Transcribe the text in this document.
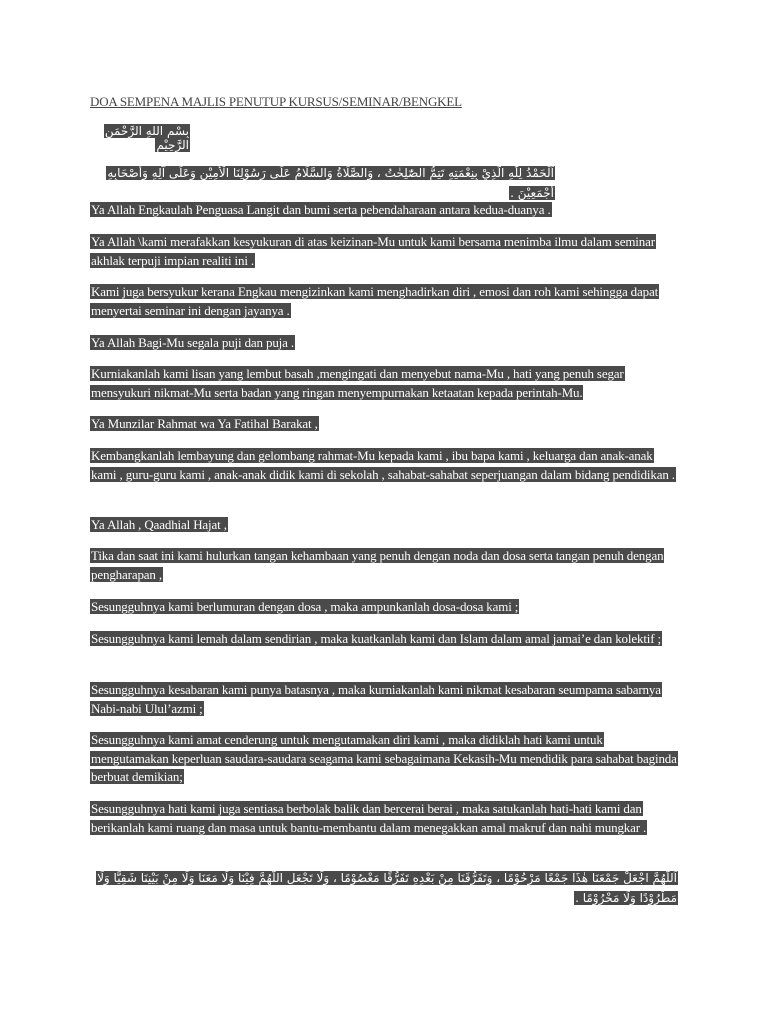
DOA SEMPENA MAJLIS PENUTUP KURSUS/SEMINAR/BENGKEL
بِسْمِ اللهِ الرَّحْمَنِ الرَّحِيْمِ
اَلْحَمْدُ لِلّٰهِ الَّذِيْ بِنِعْمَتِهِ تَتِمُّ الصّٰلِحٰتُ ، وَالصَّلَاةُ وَالسَّلَامُ عَلَى رَسُوْلِنَا الْأَمِيْنِ وَعَلَى آلِهِ وَأَصْحَابِهِ أَجْمَعِيْنَ .
Ya Allah Engkaulah Penguasa Langit dan bumi serta pebendaharaan antara kedua-duanya .
Ya Allah \kami merafakkan kesyukuran di atas keizinan-Mu untuk kami bersama menimba ilmu dalam seminar akhlak terpuji impian realiti ini .
Kami juga bersyukur kerana Engkau mengizinkan kami menghadirkan diri , emosi dan roh kami sehingga dapat menyertai seminar ini dengan jayanya .
Ya Allah Bagi-Mu segala puji dan puja .
Kurniakanlah kami lisan yang lembut basah ,mengingati dan menyebut nama-Mu , hati yang penuh segar mensyukuri nikmat-Mu serta badan yang ringan menyempurnakan ketaatan kepada perintah-Mu.
Ya Munzilar Rahmat wa Ya Fatihal Barakat ,
Kembangkanlah lembayung dan gelombang rahmat-Mu kepada kami , ibu bapa kami , keluarga dan anak-anak kami , guru-guru kami , anak-anak didik kami di sekolah , sahabat-sahabat seperjuangan dalam bidang pendidikan .
Ya Allah , Qaadhial Hajat ,
Tika dan saat ini kami hulurkan tangan kehambaan yang penuh dengan noda dan dosa serta tangan penuh dengan pengharapan ,
Sesungguhnya kami berlumuran dengan dosa , maka ampunkanlah dosa-dosa kami ;
Sesungguhnya kami lemah dalam sendirian , maka kuatkanlah kami dan Islam dalam amal jamai’e dan kolektif ;
Sesungguhnya kesabaran kami punya batasnya , maka kurniakanlah kami nikmat kesabaran seumpama sabarnya Nabi-nabi Ulul’azmi ;
Sesungguhnya kami amat cenderung untuk mengutamakan diri kami , maka didiklah hati kami untuk mengutamakan keperluan saudara-saudara seagama kami sebagaimana Kekasih-Mu mendidik para sahabat baginda berbuat demikian;
Sesungguhnya hati kami juga sentiasa berbolak balik dan bercerai berai , maka satukanlah hati-hati kami dan berikanlah kami ruang dan masa untuk bantu-membantu dalam menegakkan amal makruf dan nahi mungkar .
اَللّٰهُمَّ اجْعَلْ جَمْعَنَا هٰذَا جَمْعًا مَرْحُوْمًا ، وَتَفَرُّقَنَا مِنْ بَعْدِهِ تَفَرُّقًا مَعْصُوْمًا ، وَلَا تَجْعَلِ اللّٰهُمَّ فِيْنَا وَلَا مَعَنَا وَلَا مِنْ بَيْنِنَا شَقِيًّا وَلَا مَطْرُوْدًا وَلَا مَحْرُوْمًا .
